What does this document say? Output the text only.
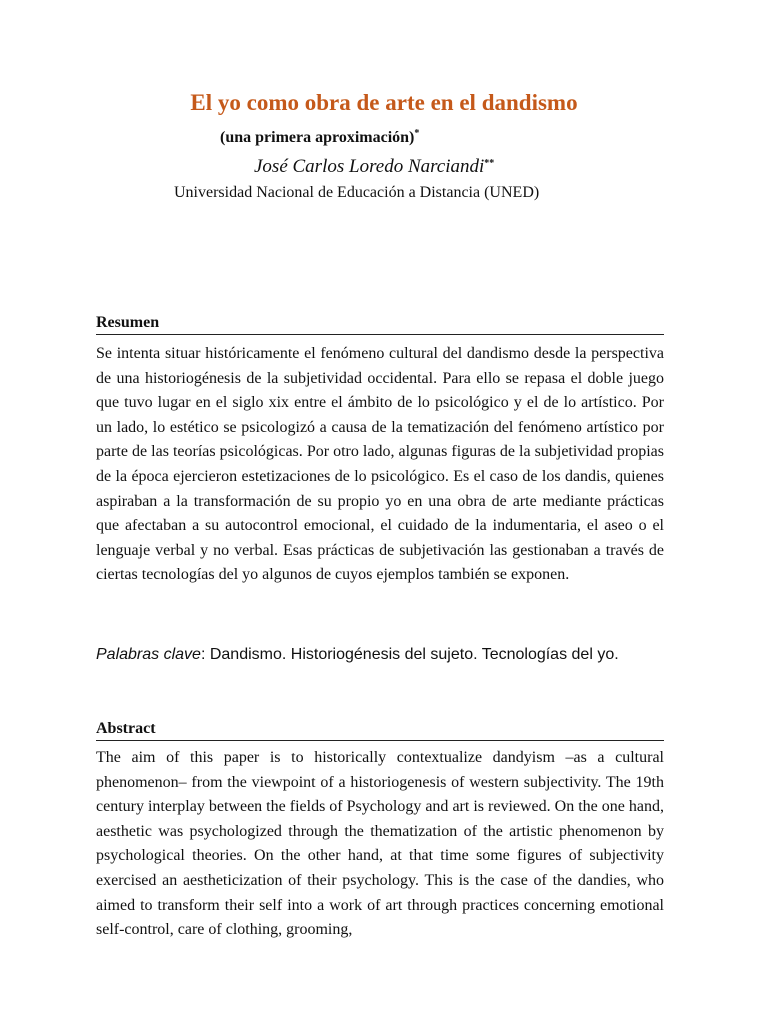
El yo como obra de arte en el dandismo
(una primera aproximación)*
José Carlos Loredo Narciandi**
Universidad Nacional de Educación a Distancia (UNED)
Resumen

Se intenta situar históricamente el fenómeno cultural del dandismo desde la perspectiva de una historiogénesis de la subjetividad occidental. Para ello se repasa el doble juego que tuvo lugar en el siglo xix entre el ámbito de lo psicológico y el de lo artístico. Por un lado, lo estético se psicologizó a causa de la tematización del fenómeno artístico por parte de las teorías psicológicas. Por otro lado, algunas figuras de la subjetividad propias de la época ejercieron estetizaciones de lo psicológico. Es el caso de los dandis, quienes aspiraban a la transformación de su propio yo en una obra de arte mediante prácticas que afectaban a su autocontrol emocional, el cuidado de la indumentaria, el aseo o el lenguaje verbal y no verbal. Esas prácticas de subjetivación las gestionaban a través de ciertas tecnologías del yo algunos de cuyos ejemplos también se exponen.

Palabras clave: Dandismo. Historiogénesis del sujeto. Tecnologías del yo.
Abstract

The aim of this paper is to historically contextualize dandyism –as a cultural phenomenon– from the viewpoint of a historiogenesis of western subjectivity. The 19th century interplay between the fields of Psychology and art is reviewed. On the one hand, aesthetic was psychologized through the thematization of the artistic phenomenon by psychological theories. On the other hand, at that time some figures of subjectivity exercised an aestheticization of their psychology. This is the case of the dandies, who aimed to transform their self into a work of art through practices concerning emotional self-control, care of clothing, grooming,
